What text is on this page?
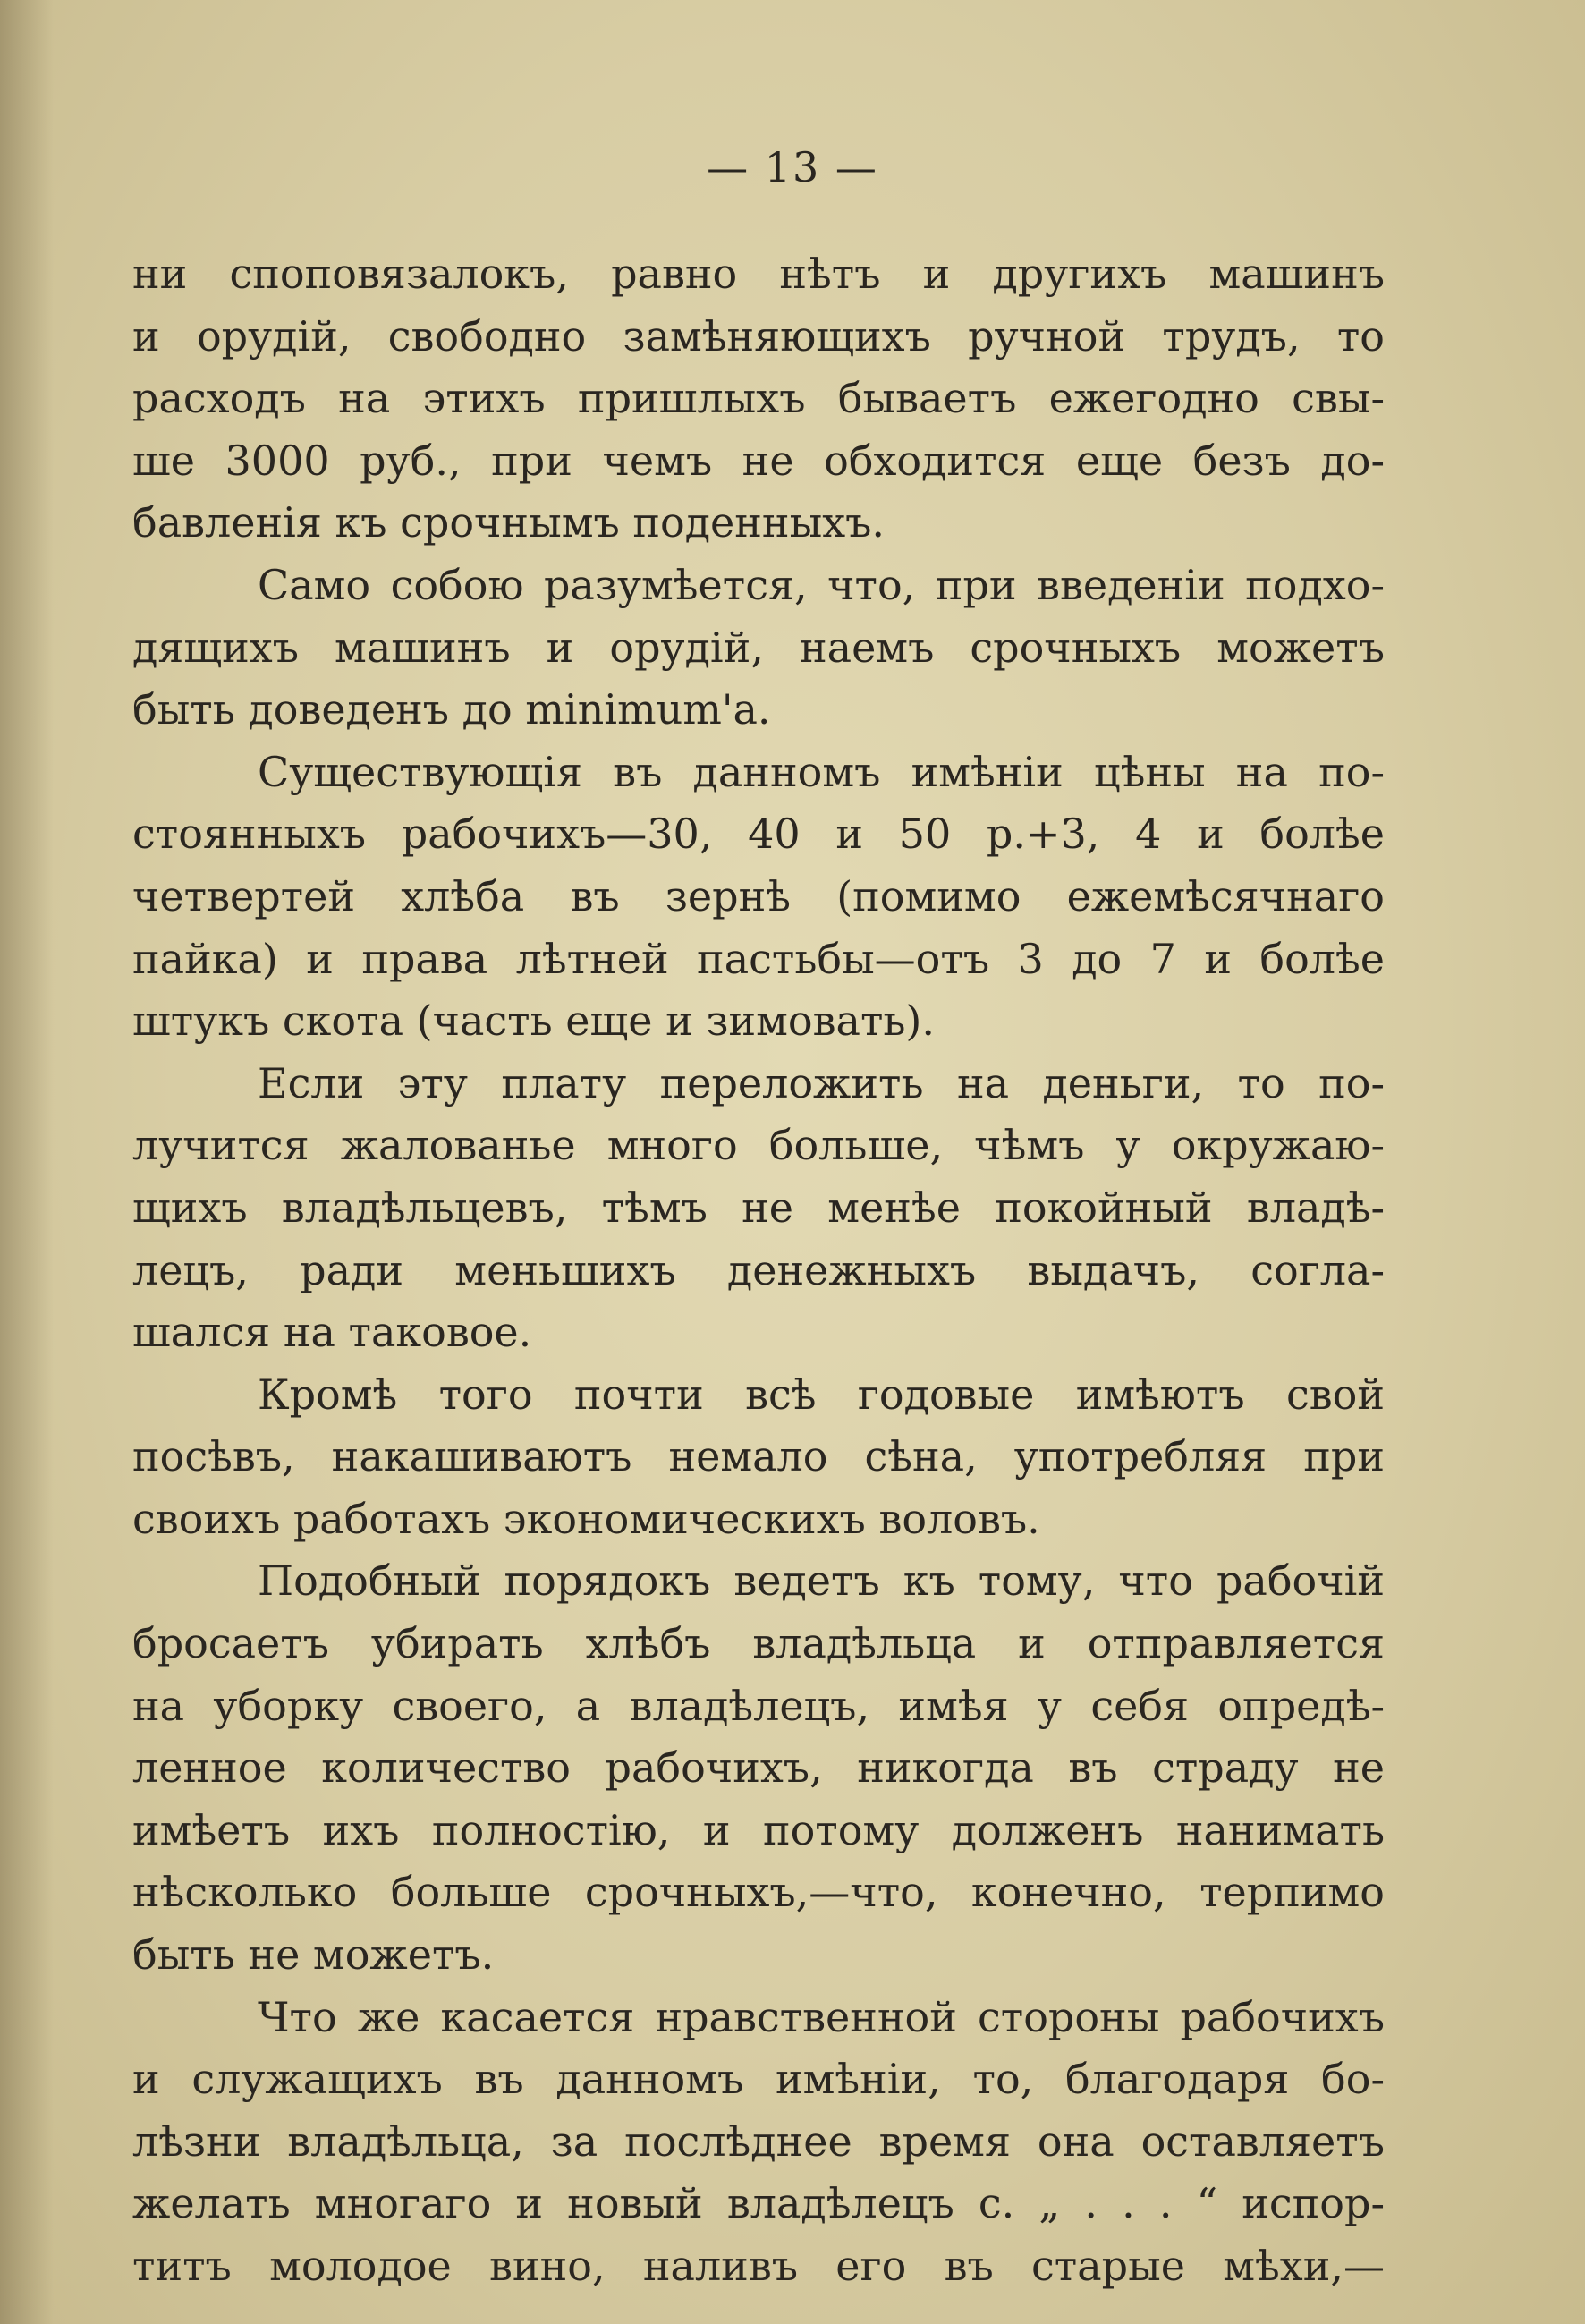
— 13 —
ни споповязалокъ, равно нѣтъ и другихъ машинъ
и орудій, свободно замѣняющихъ ручной трудъ, то
расходъ на этихъ пришлыхъ бываетъ ежегодно свы-
ше 3000 руб., при чемъ не обходится еще безъ до-
бавленія къ срочнымъ поденныхъ.
Само собою разумѣется, что, при введеніи подхо-
дящихъ машинъ и орудій, наемъ срочныхъ можетъ
быть доведенъ до minimum'a.
Существующія въ данномъ имѣніи цѣны на по-
стоянныхъ рабочихъ—30, 40 и 50 р.+3, 4 и болѣе
четвертей хлѣба въ зернѣ (помимо ежемѣсячнаго
пайка) и права лѣтней пастьбы—отъ 3 до 7 и болѣе
штукъ скота (часть еще и зимовать).
Если эту плату переложить на деньги, то по-
лучится жалованье много больше, чѣмъ у окружаю-
щихъ владѣльцевъ, тѣмъ не менѣе покойный владѣ-
лецъ, ради меньшихъ денежныхъ выдачъ, согла-
шался на таковое.
Кромѣ того почти всѣ годовые имѣютъ свой
посѣвъ, накашиваютъ немало сѣна, употребляя при
своихъ работахъ экономическихъ воловъ.
Подобный порядокъ ведетъ къ тому, что рабочій
бросаетъ убирать хлѣбъ владѣльца и отправляется
на уборку своего, а владѣлецъ, имѣя у себя опредѣ-
ленное количество рабочихъ, никогда въ страду не
имѣетъ ихъ полностію, и потому долженъ нанимать
нѣсколько больше срочныхъ,—что, конечно, терпимо
быть не можетъ.
Что же касается нравственной стороны рабочихъ
и служащихъ въ данномъ имѣніи, то, благодаря бо-
лѣзни владѣльца, за послѣднее время она оставляетъ
желать многаго и новый владѣлецъ с. „ . . . “ испор-
титъ молодое вино, наливъ его въ старые мѣхи,—
